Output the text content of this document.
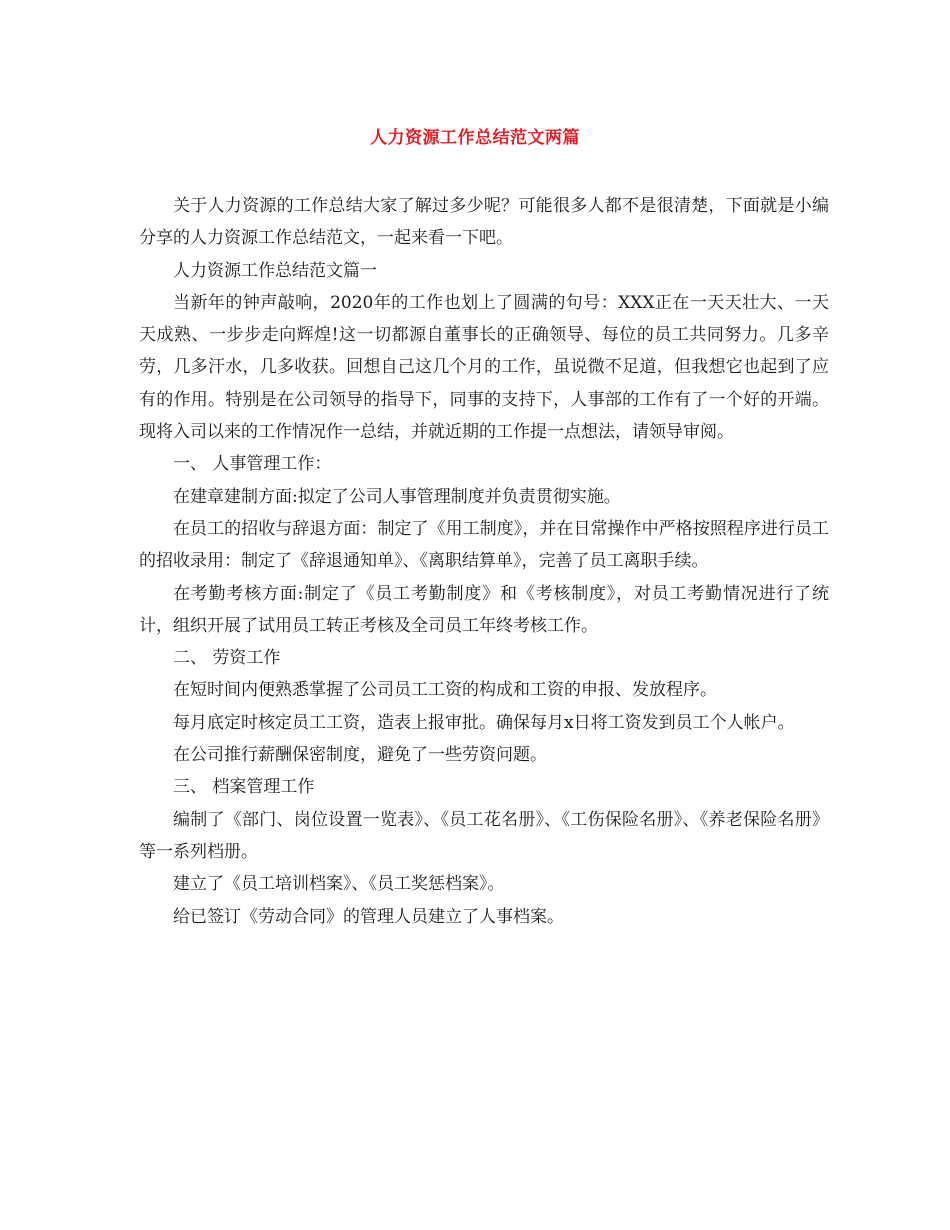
人力资源工作总结范文两篇

关于人力资源的工作总结大家了解过多少呢？可能很多人都不是很清楚，下面就是小编分享的人力资源工作总结范文，一起来看一下吧。

人力资源工作总结范文篇一

当新年的钟声敲响，2020年的工作也划上了圆满的句号：XXX正在一天天壮大、一天天成熟、一步步走向辉煌!这一切都源自董事长的正确领导、每位的员工共同努力。几多辛劳，几多汗水，几多收获。回想自己这几个月的工作，虽说微不足道，但我想它也起到了应有的作用。特别是在公司领导的指导下，同事的支持下，人事部的工作有了一个好的开端。现将入司以来的工作情况作一总结，并就近期的工作提一点想法，请领导审阅。

一、 人事管理工作：

在建章建制方面:拟定了公司人事管理制度并负责贯彻实施。

在员工的招收与辞退方面：制定了《用工制度》，并在日常操作中严格按照程序进行员工的招收录用：制定了《辞退通知单》、《离职结算单》，完善了员工离职手续。

在考勤考核方面:制定了《员工考勤制度》和《考核制度》，对员工考勤情况进行了统计，组织开展了试用员工转正考核及全司员工年终考核工作。

二、 劳资工作

在短时间内便熟悉掌握了公司员工工资的构成和工资的申报、发放程序。

每月底定时核定员工工资，造表上报审批。确保每月x日将工资发到员工个人帐户。

在公司推行薪酬保密制度，避免了一些劳资问题。

三、 档案管理工作

编制了《部门、岗位设置一览表》、《员工花名册》、《工伤保险名册》、《养老保险名册》等一系列档册。

建立了《员工培训档案》、《员工奖惩档案》。

给已签订《劳动合同》的管理人员建立了人事档案。
